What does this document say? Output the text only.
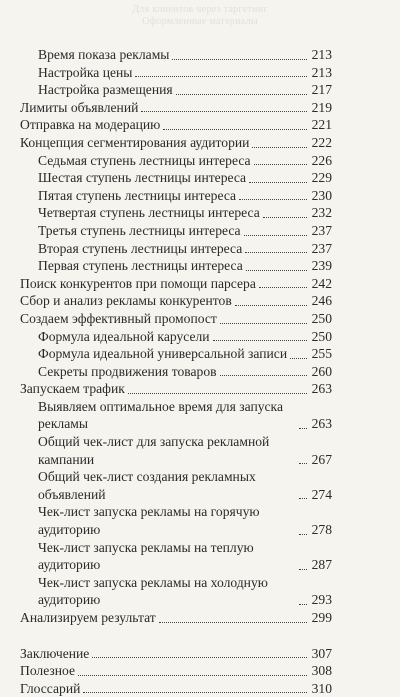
Для клиентов через таргетинг
Оформленные материалы
Время показа рекламы	213
Настройка цены	213
Настройка размещения	217
Лимиты объявлений	219
Отправка на модерацию	221
Концепция сегментирования аудитории	222
Седьмая ступень лестницы интереса	226
Шестая ступень лестницы интереса	229
Пятая ступень лестницы интереса	230
Четвертая ступень лестницы интереса	232
Третья ступень лестницы интереса	237
Вторая ступень лестницы интереса	237
Первая ступень лестницы интереса	239
Поиск конкурентов при помощи парсера	242
Сбор и анализ рекламы конкурентов	246
Создаем эффективный промопост	250
Формула идеальной карусели	250
Формула идеальной универсальной записи 255
Секреты продвижения товаров	260
Запускаем трафик	263
Выявляем оптимальное время для запуска рекламы	263
Общий чек-лист для запуска рекламной кампании	267
Общий чек-лист создания рекламных объявлений	274
Чек-лист запуска рекламы на горячую аудиторию	278
Чек-лист запуска рекламы на теплую аудиторию	287
Чек-лист запуска рекламы на холодную аудиторию	293
Анализируем результат	299
Заключение	307
Полезное	308
Глоссарий	310
